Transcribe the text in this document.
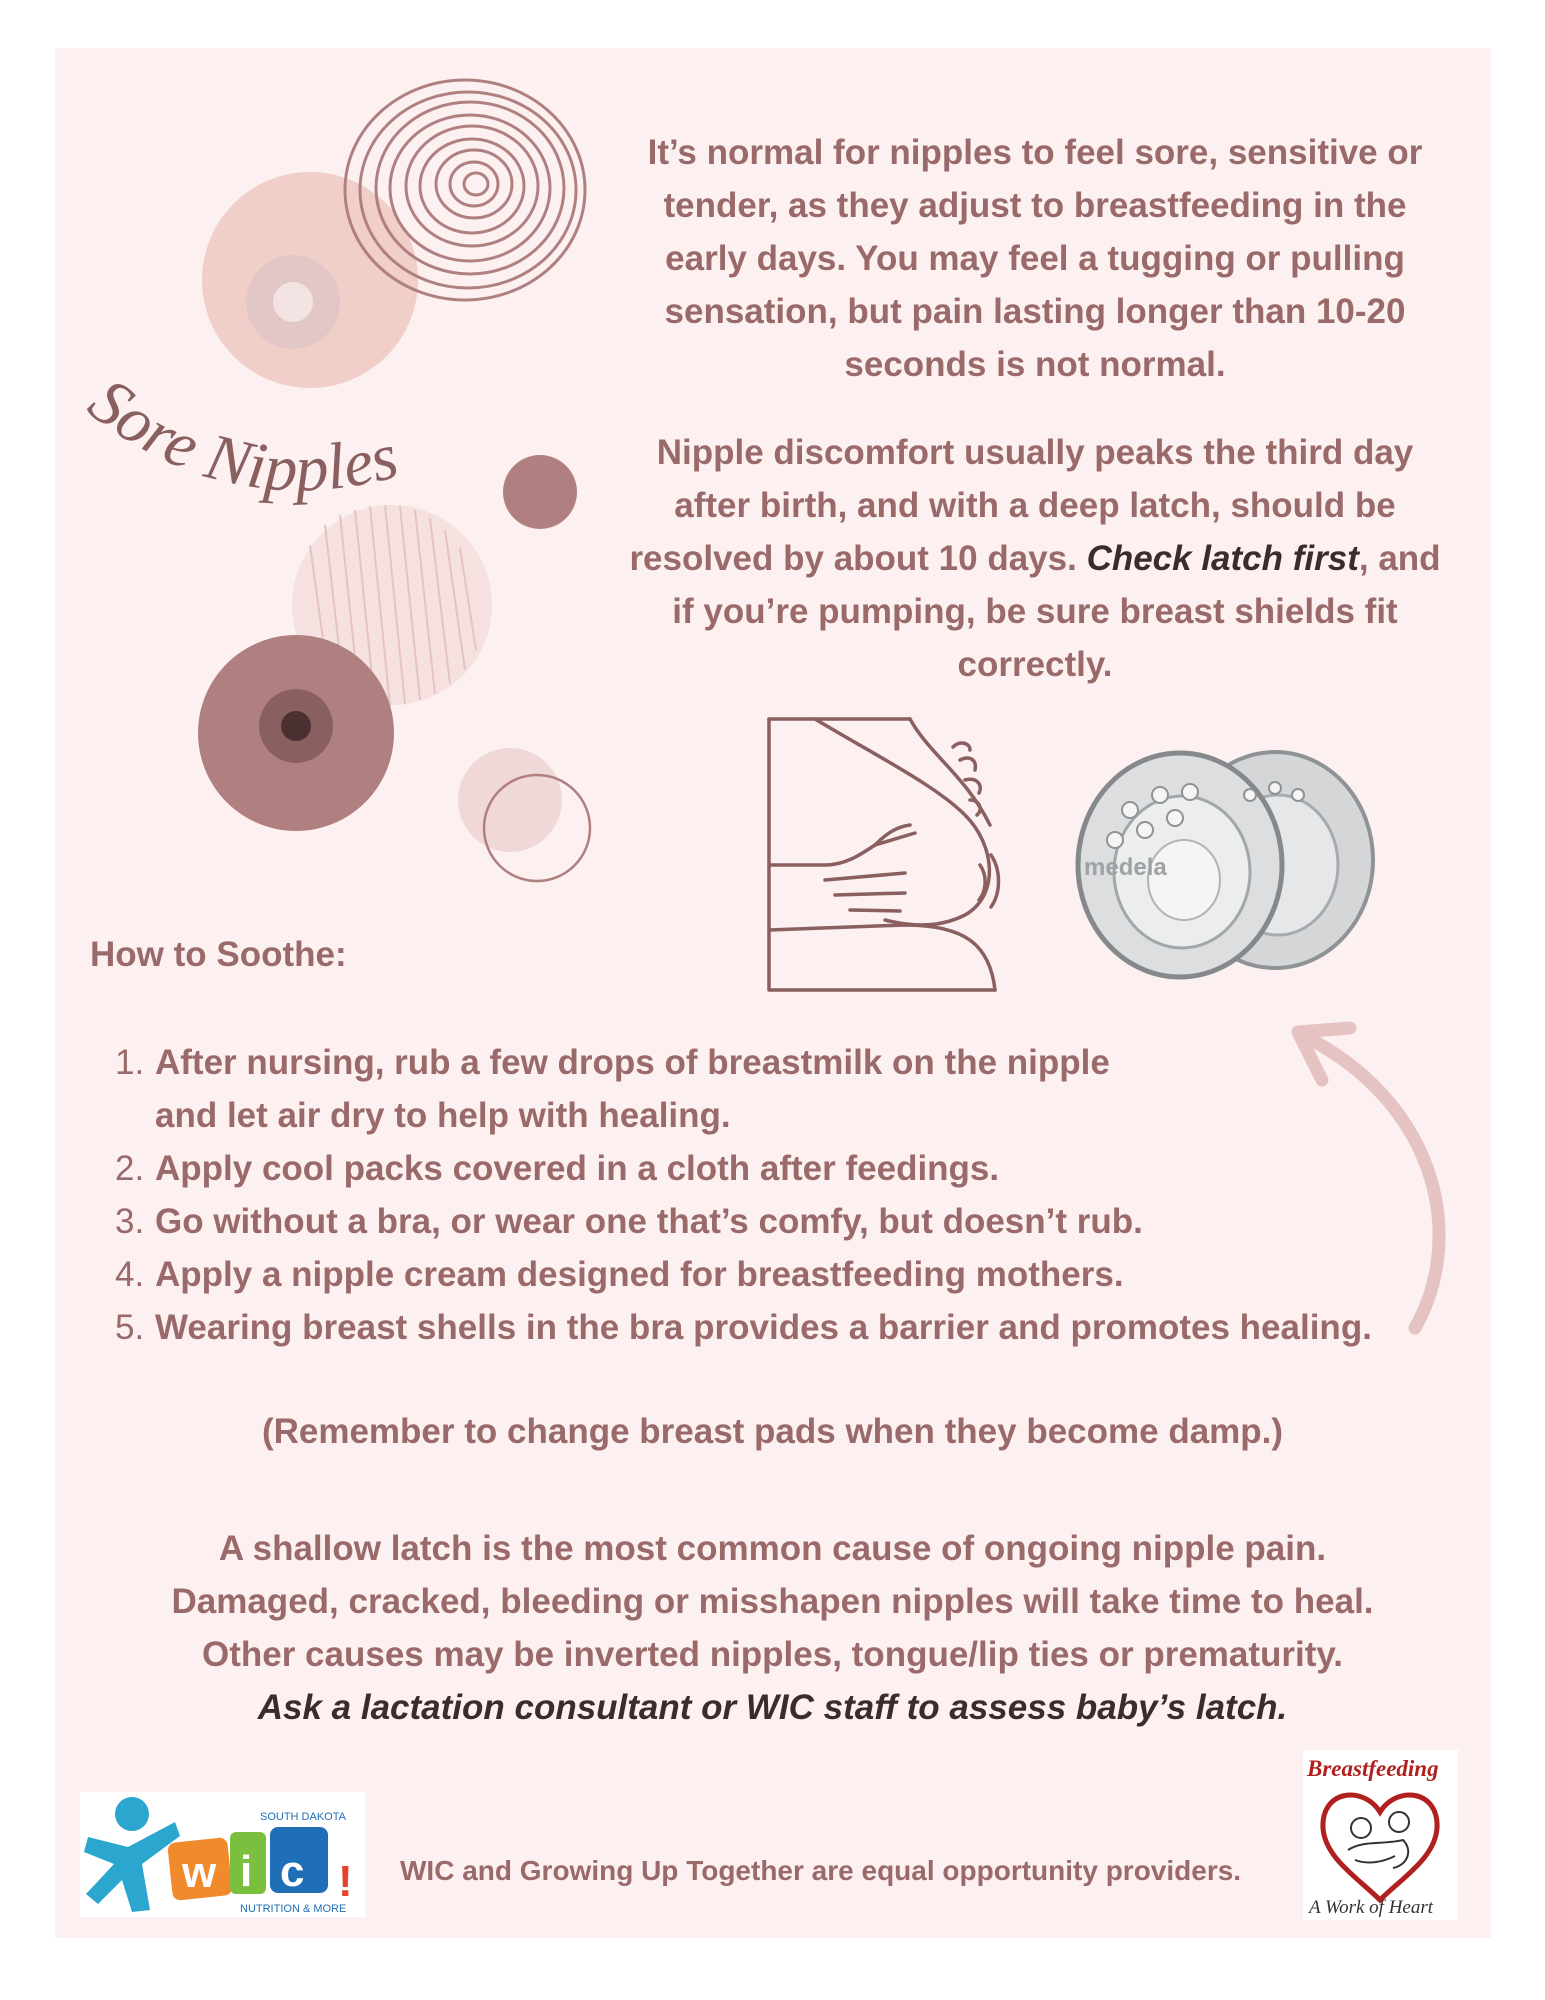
Sore Nipples

It’s normal for nipples to feel sore, sensitive or tender, as they adjust to breastfeeding in the early days. You may feel a tugging or pulling sensation, but pain lasting longer than 10-20 seconds is not normal.

Nipple discomfort usually peaks the third day after birth, and with a deep latch, should be resolved by about 10 days. Check latch first, and if you’re pumping, be sure breast shields fit correctly.

medela
How to Soothe:
1. After nursing, rub a few drops of breastmilk on the nipple
and let air dry to help with healing.
2. Apply cool packs covered in a cloth after feedings.
3. Go without a bra, or wear one that’s comfy, but doesn’t rub.
4. Apply a nipple cream designed for breastfeeding mothers.
5. Wearing breast shells in the bra provides a barrier and promotes healing.
(Remember to change breast pads when they become damp.)

A shallow latch is the most common cause of ongoing nipple pain.

Damaged, cracked, bleeding or misshapen nipples will take time to heal.

Other causes may be inverted nipples, tongue/lip ties or prematurity.

Ask a lactation consultant or WIC staff to assess baby’s latch.

w i c !
SOUTH DAKOTA
NUTRITION & MORE
WIC and Growing Up Together are equal opportunity providers.
Breastfeeding
A Work of Heart
